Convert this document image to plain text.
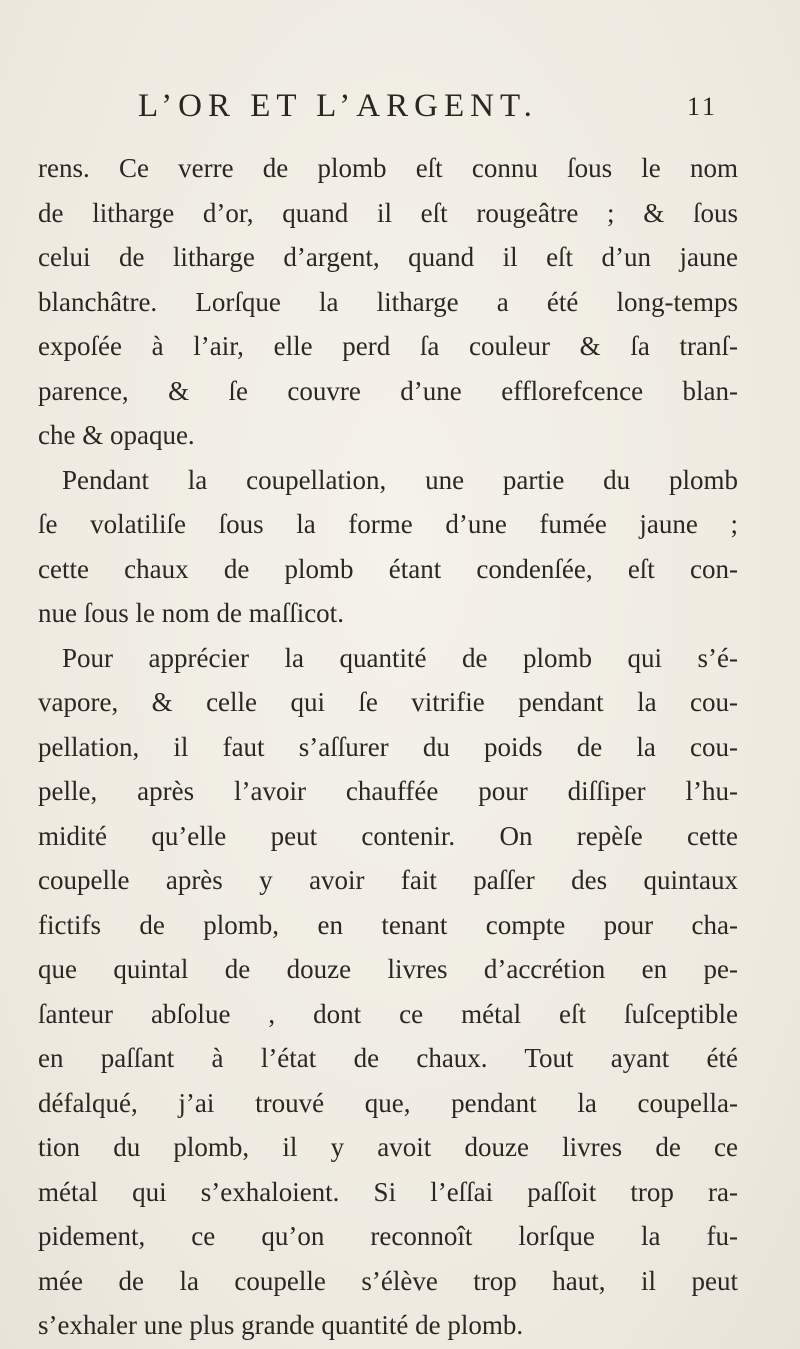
L’OR ET L’ARGENT.	11
rens. Ce verre de plomb eſt connu ſous le nom
de litharge d’or, quand il eſt rougeâtre ; & ſous
celui de litharge d’argent, quand il eſt d’un jaune
blanchâtre. Lorſque la litharge a été long-temps
expoſée à l’air, elle perd ſa couleur & ſa tranſ-
parence, & ſe couvre d’une efflorefcence blan-
che & opaque.
Pendant la coupellation, une partie du plomb
ſe volatiliſe ſous la forme d’une fumée jaune ;
cette chaux de plomb étant condenſée, eſt con-
nue ſous le nom de maſſicot.
Pour apprécier la quantité de plomb qui s’é-
vapore, & celle qui ſe vitrifie pendant la cou-
pellation, il faut s’aſſurer du poids de la cou-
pelle, après l’avoir chauffée pour diſſiper l’hu-
midité qu’elle peut contenir. On repèſe cette
coupelle après y avoir fait paſſer des quintaux
fictifs de plomb, en tenant compte pour cha-
que quintal de douze livres d’accrétion en pe-
ſanteur abſolue , dont ce métal eſt ſuſceptible
en paſſant à l’état de chaux. Tout ayant été
défalqué, j’ai trouvé que, pendant la coupella-
tion du plomb, il y avoit douze livres de ce
métal qui s’exhaloient. Si l’eſſai paſſoit trop ra-
pidement, ce qu’on reconnoît lorſque la fu-
mée de la coupelle s’élève trop haut, il peut
s’exhaler une plus grande quantité de plomb.
